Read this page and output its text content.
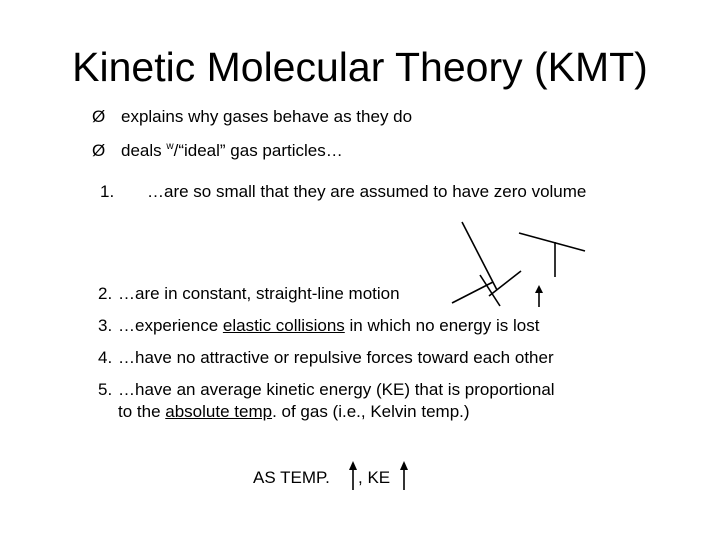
Kinetic Molecular Theory (KMT)
Ø explains why gases behave as they do
Ø deals $^w$/“ideal” gas particles…
1. …are so small that they are assumed to have zero volume
2. …are in constant, straight-line motion
3. …experience elastic collisions in which no energy is lost
4. …have no attractive or repulsive forces toward each other
5. …have an average kinetic energy (KE) that is proportional
to the absolute temp. of gas (i.e., Kelvin temp.)
AS TEMP. , KE
